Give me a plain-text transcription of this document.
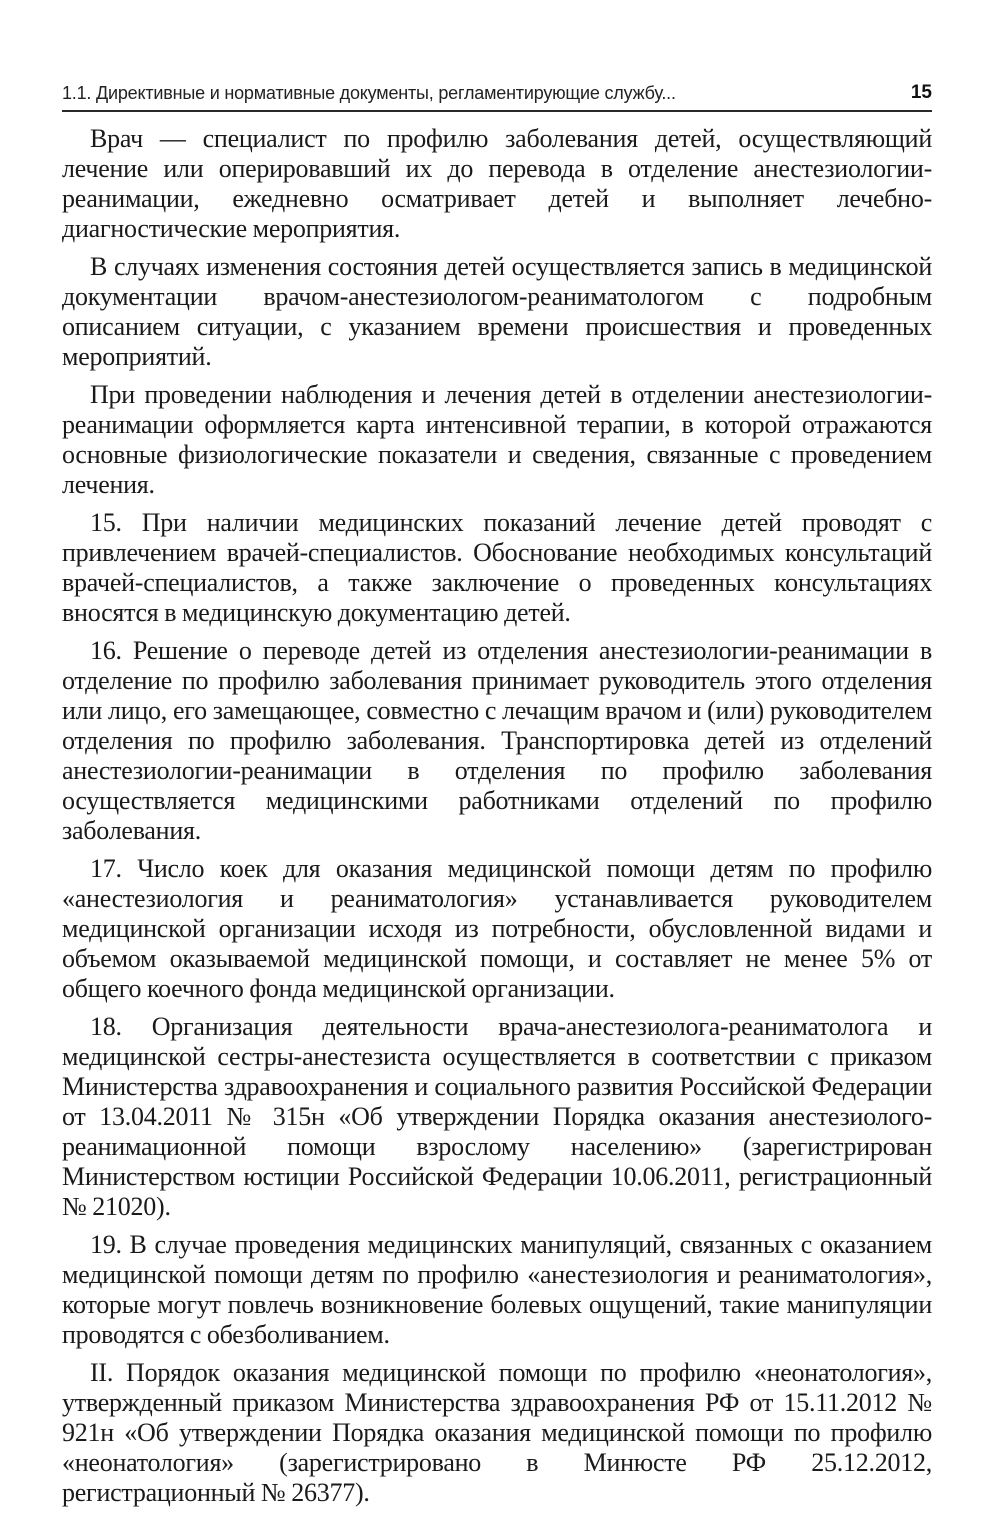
1.1. Директивные и нормативные документы, регламентирующие службу...	15

Врач — специалист по профилю заболевания детей, осуществляющий лечение или оперировавший их до перевода в отделение анестезиологии-реанимации, ежедневно осматривает детей и выполняет лечебно-диагностические мероприятия.

В случаях изменения состояния детей осуществляется запись в медицинской документации врачом-анестезиологом-реаниматологом с подробным описанием ситуации, с указанием времени происшествия и проведенных мероприятий.

При проведении наблюдения и лечения детей в отделении анестезиологии-реанимации оформляется карта интенсивной терапии, в которой отражаются основные физиологические показатели и сведения, связанные с проведением лечения.

15. При наличии медицинских показаний лечение детей проводят с привлечением врачей-специалистов. Обоснование необходимых консультаций врачей-специалистов, а также заключение о проведенных консультациях вносятся в медицинскую документацию детей.

16. Решение о переводе детей из отделения анестезиологии-реанимации в отделение по профилю заболевания принимает руководитель этого отделения или лицо, его замещающее, совместно с лечащим врачом и (или) руководителем отделения по профилю заболевания. Транспортировка детей из отделений анестезиологии-реанимации в отделения по профилю заболевания осуществляется медицинскими работниками отделений по профилю заболевания.

17. Число коек для оказания медицинской помощи детям по профилю «анестезиология и реаниматология» устанавливается руководителем медицинской организации исходя из потребности, обусловленной видами и объемом оказываемой медицинской помощи, и составляет не менее 5% от общего коечного фонда медицинской организации.

18. Организация деятельности врача-анестезиолога-реаниматолога и медицинской сестры-анестезиста осуществляется в соответствии с приказом Министерства здравоохранения и социального развития Российской Федерации от 13.04.2011 № 315н «Об утверждении Порядка оказания анестезиолого-реанимационной помощи взрослому населению» (зарегистрирован Министерством юстиции Российской Федерации 10.06.2011, регистрационный № 21020).

19. В случае проведения медицинских манипуляций, связанных с оказанием медицинской помощи детям по профилю «анестезиология и реаниматология», которые могут повлечь возникновение болевых ощущений, такие манипуляции проводятся с обезболиванием.

II. Порядок оказания медицинской помощи по профилю «неонатология», утвержденный приказом Министерства здравоохранения РФ от 15.11.2012 № 921н «Об утверждении Порядка оказания медицинской помощи по профилю «неонатология» (зарегистрировано в Минюсте РФ 25.12.2012, регистрационный № 26377).
